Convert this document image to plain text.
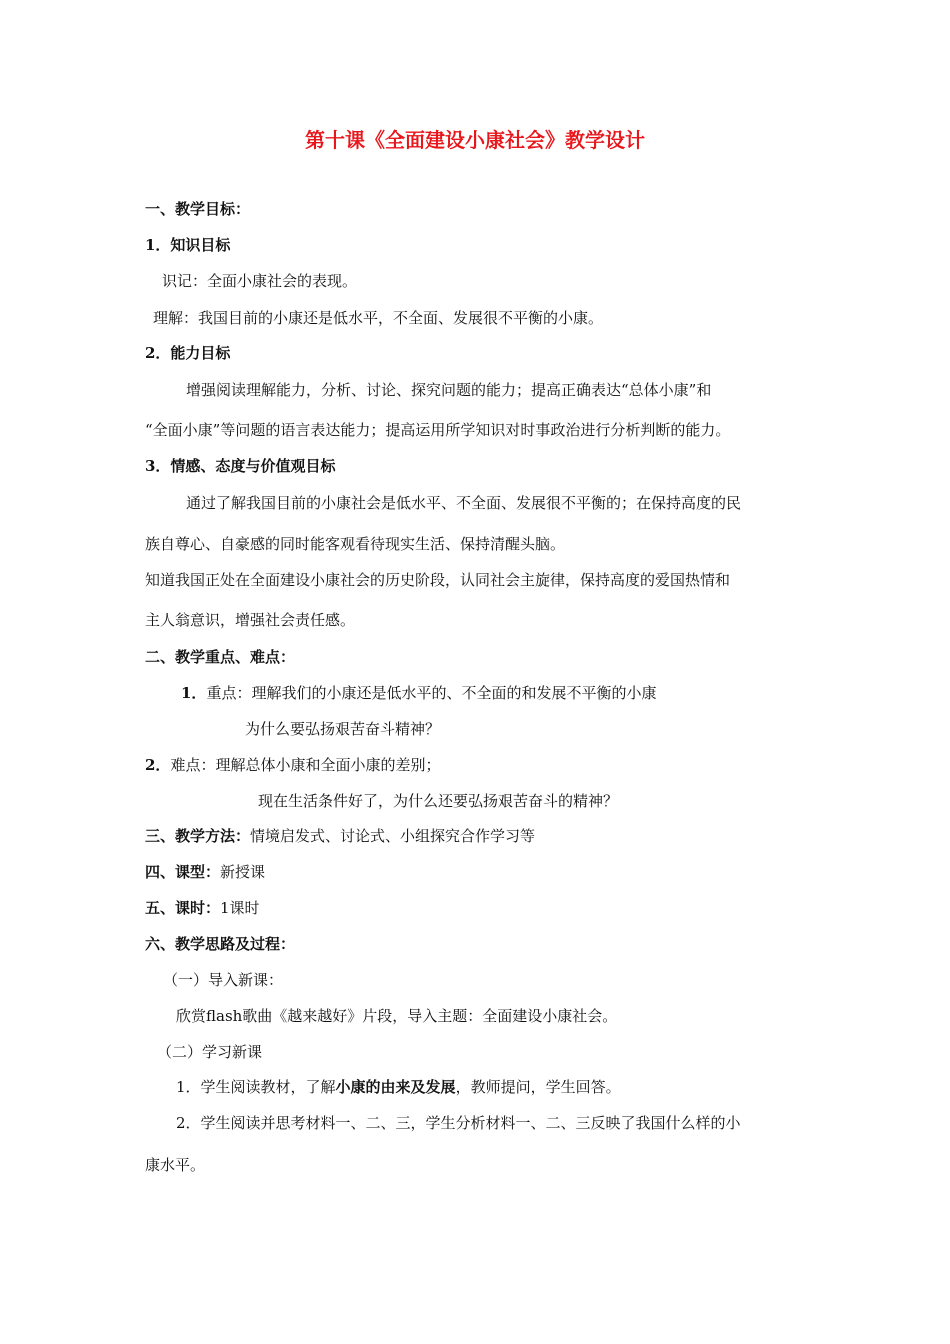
第十课《全面建设小康社会》教学设计
一、教学目标：
1．知识目标
识记：全面小康社会的表现。
理解：我国目前的小康还是低水平，不全面、发展很不平衡的小康。
2．能力目标
增强阅读理解能力，分析、讨论、探究问题的能力；提高正确表达“总体小康”和
“全面小康”等问题的语言表达能力；提高运用所学知识对时事政治进行分析判断的能力。
3．情感、态度与价值观目标
通过了解我国目前的小康社会是低水平、不全面、发展很不平衡的；在保持高度的民
族自尊心、自豪感的同时能客观看待现实生活、保持清醒头脑。
知道我国正处在全面建设小康社会的历史阶段，认同社会主旋律，保持高度的爱国热情和
主人翁意识，增强社会责任感。
二、教学重点、难点：
1．重点：理解我们的小康还是低水平的、不全面的和发展不平衡的小康
为什么要弘扬艰苦奋斗精神？
2．难点：理解总体小康和全面小康的差别；
现在生活条件好了，为什么还要弘扬艰苦奋斗的精神？
三、教学方法：情境启发式、讨论式、小组探究合作学习等
四、课型：新授课
五、课时：1课时
六、教学思路及过程：
（一）导入新课：
欣赏flash歌曲《越来越好》片段，导入主题：全面建设小康社会。
（二）学习新课
1．学生阅读教材，了解小康的由来及发展，教师提问，学生回答。
2．学生阅读并思考材料一、二、三，学生分析材料一、二、三反映了我国什么样的小
康水平。
